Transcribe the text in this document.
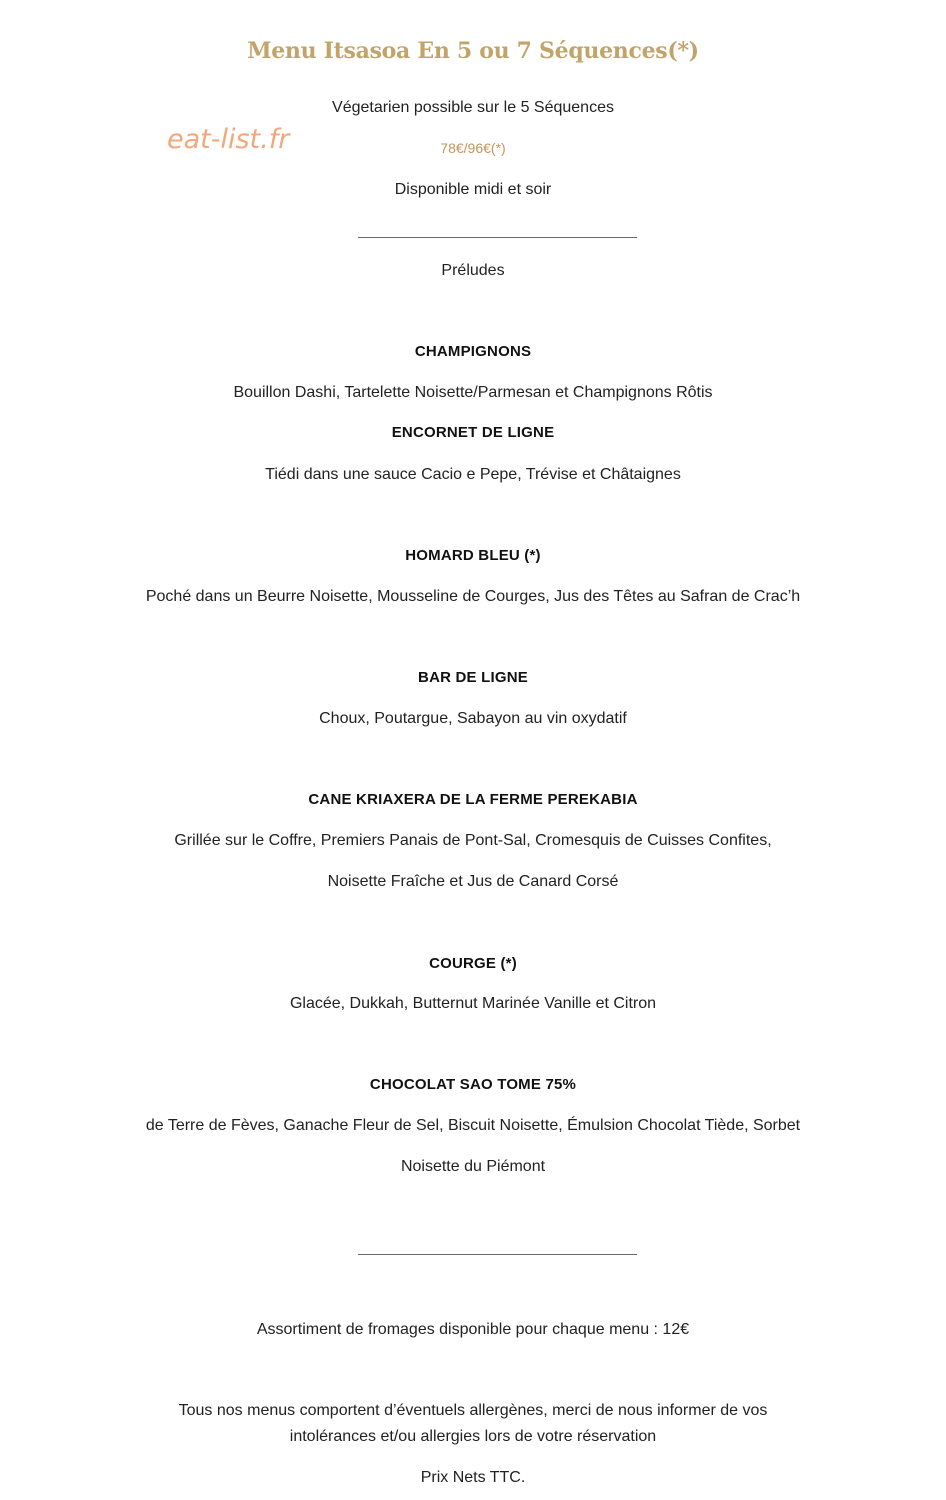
Menu Itsasoa En 5 ou 7 Séquences(*)
eat-list.fr
Végetarien possible sur le 5 Séquences
78€/96€(*)
Disponible midi et soir
Préludes
CHAMPIGNONS
Bouillon Dashi, Tartelette Noisette/Parmesan et Champignons Rôtis
ENCORNET DE LIGNE
Tiédi dans une sauce Cacio e Pepe, Trévise et Châtaignes
HOMARD BLEU (*)
Poché dans un Beurre Noisette, Mousseline de Courges, Jus des Têtes au Safran de Crac’h
BAR DE LIGNE
Choux, Poutargue, Sabayon au vin oxydatif
CANE KRIAXERA DE LA FERME PEREKABIA
Grillée sur le Coffre, Premiers Panais de Pont-Sal, Cromesquis de Cuisses Confites,
Noisette Fraîche et Jus de Canard Corsé
COURGE (*)
Glacée, Dukkah, Butternut Marinée Vanille et Citron
CHOCOLAT SAO TOME 75%
de Terre de Fèves, Ganache Fleur de Sel, Biscuit Noisette, Émulsion Chocolat Tiède, Sorbet
Noisette du Piémont
Assortiment de fromages disponible pour chaque menu : 12€
Tous nos menus comportent d’éventuels allergènes, merci de nous informer de vos
intolérances et/ou allergies lors de votre réservation
Prix Nets TTC.
